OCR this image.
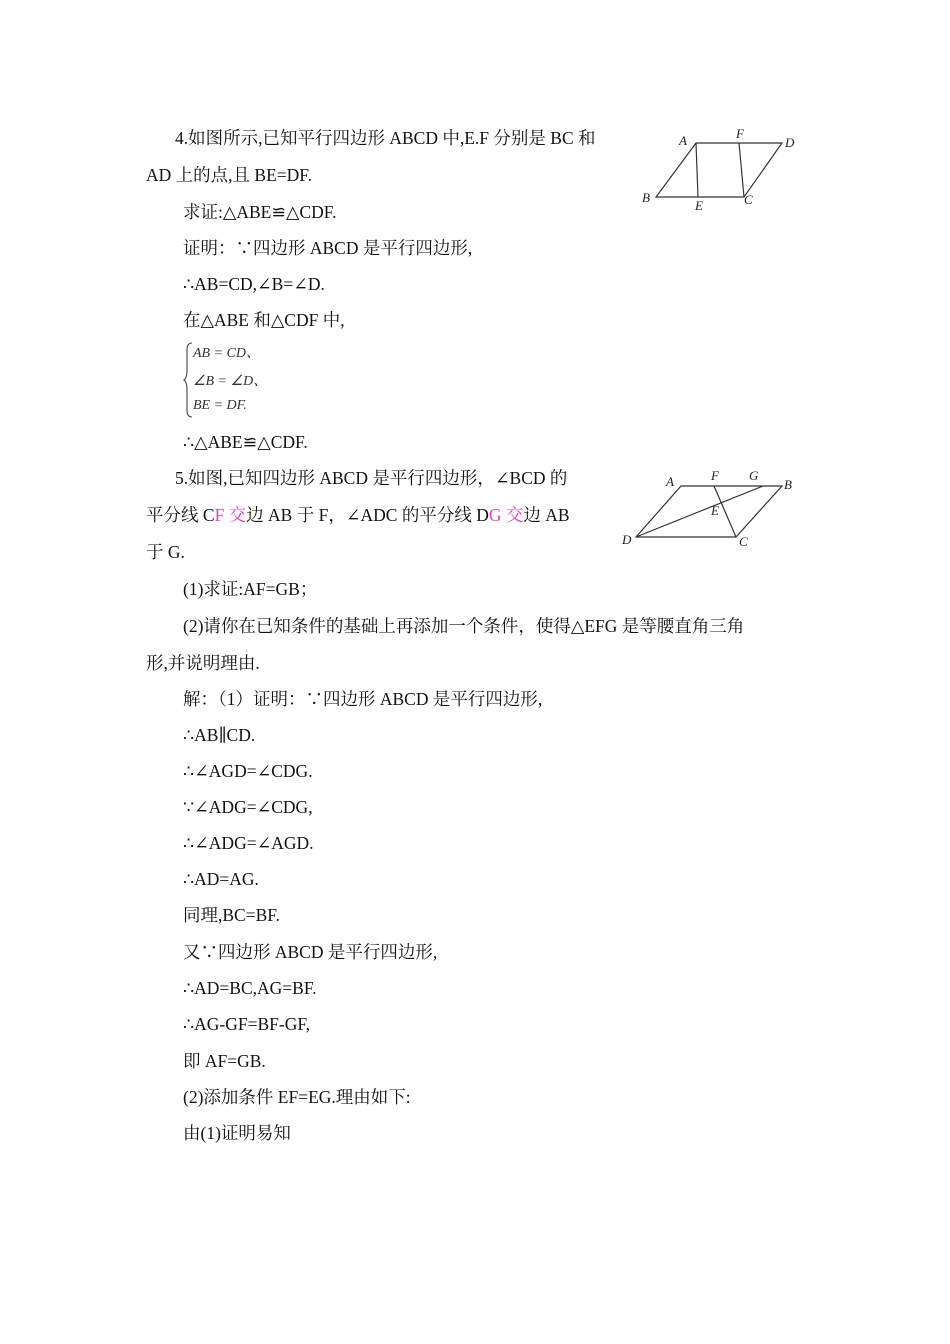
4.如图所示,已知平行四边形 ABCD 中,E.F 分别是 BC 和
AD 上的点,且 BE=DF.
求证:△ABE≌△CDF.
证明：∵四边形 ABCD 是平行四边形,
∴AB=CD,∠B=∠D.
在△ABE 和△CDF 中,
AB = CD、
∠B = ∠D、
BE = DF.
∴△ABE≌△CDF.
A	F
D
B
E	C
5.如图,已知四边形 ABCD 是平行四边形，∠BCD 的
平分线 CF 交边 AB 于 F，∠ADC 的平分线 DG 交边 AB
于 G.
(1)求证:AF=GB；
(2)请你在已知条件的基础上再添加一个条件，使得△EFG 是等腰直角三角
形,并说明理由.
解：（1）证明：∵四边形 ABCD 是平行四边形,
∴AB∥CD.
∴∠AGD=∠CDG.
∵∠ADG=∠CDG,
∴∠ADG=∠AGD.
∴AD=AG.
同理,BC=BF.
又∵四边形 ABCD 是平行四边形,
∴AD=BC,AG=BF.
∴AG-GF=BF-GF,
即 AF=GB.
(2)添加条件 EF=EG.理由如下:
由(1)证明易知
A	F G
B
E
D	C
